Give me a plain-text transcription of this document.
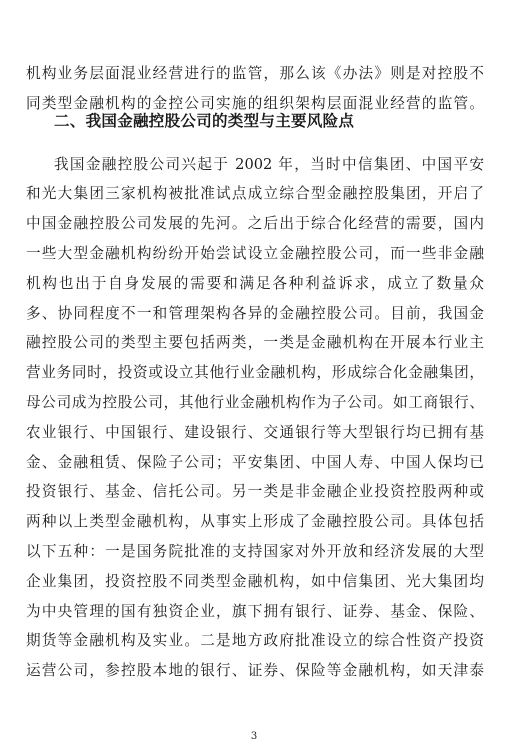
机构业务层面混业经营进行的监管，那么该《办法》则是对控股不
同类型金融机构的金控公司实施的组织架构层面混业经营的监管。
二、我国金融控股公司的类型与主要风险点
我国金融控股公司兴起于 2002 年，当时中信集团、中国平安
和光大集团三家机构被批准试点成立综合型金融控股集团，开启了
中国金融控股公司发展的先河。之后出于综合化经营的需要，国内
一些大型金融机构纷纷开始尝试设立金融控股公司，而一些非金融
机构也出于自身发展的需要和满足各种利益诉求，成立了数量众
多、协同程度不一和管理架构各异的金融控股公司。目前，我国金
融控股公司的类型主要包括两类，一类是金融机构在开展本行业主
营业务同时，投资或设立其他行业金融机构，形成综合化金融集团，
母公司成为控股公司，其他行业金融机构作为子公司。如工商银行、
农业银行、中国银行、建设银行、交通银行等大型银行均已拥有基
金、金融租赁、保险子公司；平安集团、中国人寿、中国人保均已
投资银行、基金、信托公司。另一类是非金融企业投资控股两种或
两种以上类型金融机构，从事实上形成了金融控股公司。具体包括
以下五种：一是国务院批准的支持国家对外开放和经济发展的大型
企业集团，投资控股不同类型金融机构，如中信集团、光大集团均
为中央管理的国有独资企业，旗下拥有银行、证券、基金、保险、
期货等金融机构及实业。二是地方政府批准设立的综合性资产投资
运营公司，参控股本地的银行、证券、保险等金融机构，如天津泰
3
